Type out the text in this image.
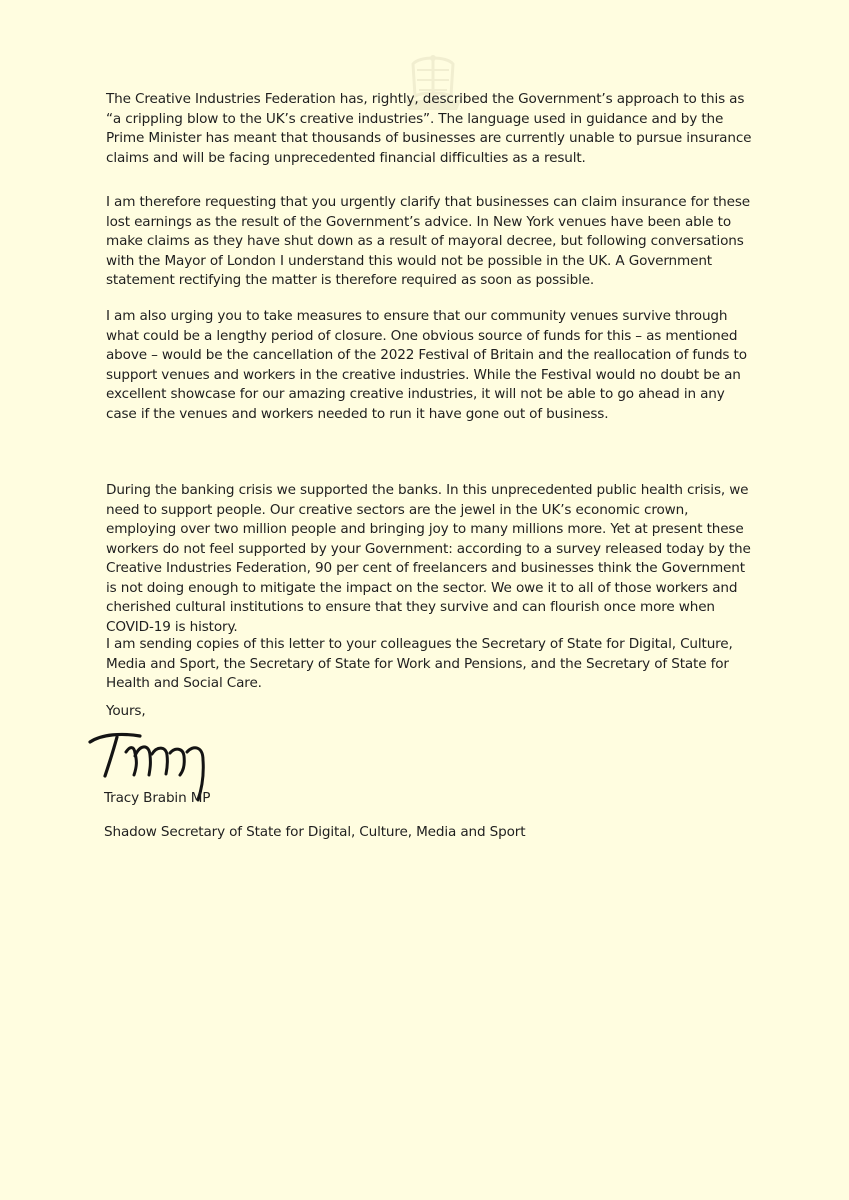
The Creative Industries Federation has, rightly, described the Government’s approach to this as “a crippling blow to the UK’s creative industries”. The language used in guidance and by the Prime Minister has meant that thousands of businesses are currently unable to pursue insurance claims and will be facing unprecedented financial difficulties as a result.

I am therefore requesting that you urgently clarify that businesses can claim insurance for these lost earnings as the result of the Government’s advice. In New York venues have been able to make claims as they have shut down as a result of mayoral decree, but following conversations with the Mayor of London I understand this would not be possible in the UK. A Government statement rectifying the matter is therefore required as soon as possible.

I am also urging you to take measures to ensure that our community venues survive through what could be a lengthy period of closure. One obvious source of funds for this – as mentioned above – would be the cancellation of the 2022 Festival of Britain and the reallocation of funds to support venues and workers in the creative industries. While the Festival would no doubt be an excellent showcase for our amazing creative industries, it will not be able to go ahead in any case if the venues and workers needed to run it have gone out of business.

During the banking crisis we supported the banks. In this unprecedented public health crisis, we need to support people. Our creative sectors are the jewel in the UK’s economic crown, employing over two million people and bringing joy to many millions more. Yet at present these workers do not feel supported by your Government: according to a survey released today by the Creative Industries Federation, 90 per cent of freelancers and businesses think the Government is not doing enough to mitigate the impact on the sector. We owe it to all of those workers and cherished cultural institutions to ensure that they survive and can flourish once more when COVID-19 is history.

I am sending copies of this letter to your colleagues the Secretary of State for Digital, Culture, Media and Sport, the Secretary of State for Work and Pensions, and the Secretary of State for Health and Social Care.

Yours,

Tracy Brabin MP
Shadow Secretary of State for Digital, Culture, Media and Sport
